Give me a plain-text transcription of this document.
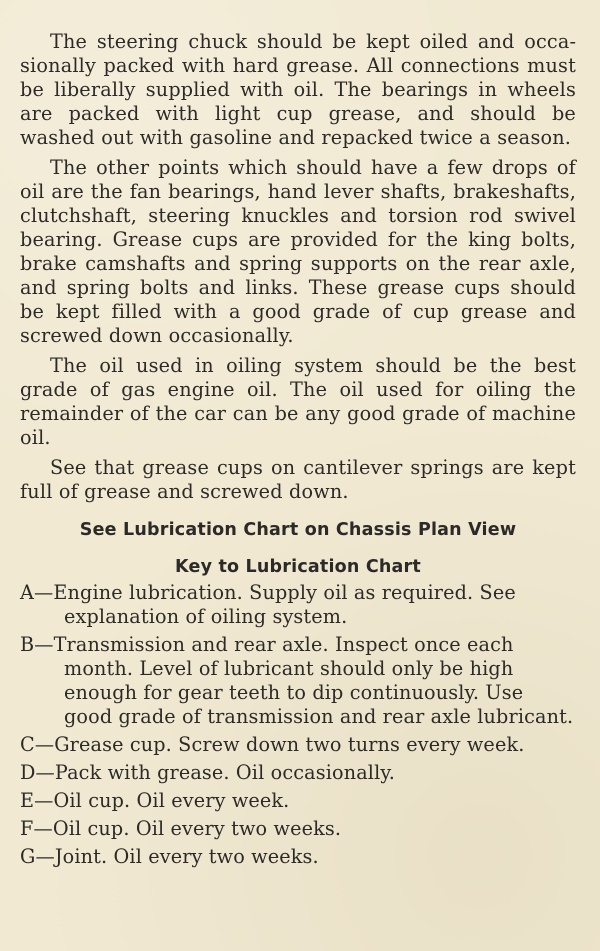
The steering chuck should be kept oiled and occasionally packed with hard grease. All connections must be liberally supplied with oil. The bearings in wheels are packed with light cup grease, and should be washed out with gasoline and repacked twice a season.

The other points which should have a few drops of oil are the fan bearings, hand lever shafts, brakeshafts, clutchshaft, steering knuckles and torsion rod swivel bearing. Grease cups are provided for the king bolts, brake camshafts and spring supports on the rear axle, and spring bolts and links. These grease cups should be kept filled with a good grade of cup grease and screwed down occasionally.

The oil used in oiling system should be the best grade of gas engine oil. The oil used for oiling the remainder of the car can be any good grade of machine oil.

See that grease cups on cantilever springs are kept full of grease and screwed down.

See Lubrication Chart on Chassis Plan View
Key to Lubrication Chart
A—Engine lubrication. Supply oil as required. See explanation of oiling system.
B—Transmission and rear axle. Inspect once each month. Level of lubricant should only be high enough for gear teeth to dip continuously. Use good grade of transmission and rear axle lubricant.
C—Grease cup. Screw down two turns every week.
D—Pack with grease. Oil occasionally.
E—Oil cup. Oil every week.
F—Oil cup. Oil every two weeks.
G—Joint. Oil every two weeks.
